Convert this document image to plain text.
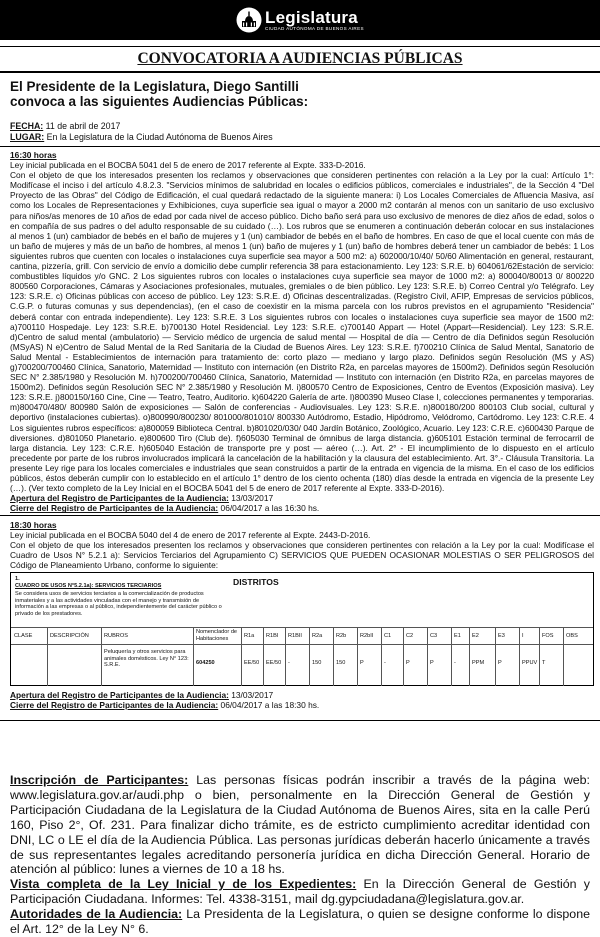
Legislatura
CIUDAD AUTÓNOMA DE BUENOS AIRES
CONVOCATORIA A AUDIENCIAS PÚBLICAS
El Presidente de la Legislatura, Diego Santilli
convoca a las siguientes Audiencias Públicas:
FECHA: 11 de abril de 2017
LUGAR: En la Legislatura de la Ciudad Autónoma de Buenos Aires

16:30 horas

Ley inicial publicada en el BOCBA 5041 del 5 de enero de 2017 referente al Expte. 333-D-2016.

Con el objeto de que los interesados presenten los reclamos y observaciones que consideren pertinentes con relación a la Ley por la cual: Artículo 1°: Modifícase el inciso i del artículo 4.8.2.3. "Servicios mínimos de salubridad en locales o edificios públicos, comerciales e industriales", de la Sección 4 "Del Proyecto de las Obras" del Código de Edificación, el cual quedará redactado de la siguiente manera: i) Los Locales Comerciales de Afluencia Masiva, así como los Locales de Representaciones y Exhibiciones, cuya superficie sea igual o mayor a 2000 m2 contarán al menos con un sanitario de uso exclusivo para niños/as menores de 10 años de edad por cada nivel de acceso público. Dicho baño será para uso exclusivo de menores de diez años de edad, solos o en compañía de sus padres o del adulto responsable de su cuidado (…). Los rubros que se enumeren a continuación deberán colocar en sus instalaciones al menos 1 (un) cambiador de bebés en el baño de mujeres y 1 (un) cambiador de bebés en el baño de hombres. En caso de que el local cuente con más de un baño de mujeres y más de un baño de hombres, al menos 1 (un) baño de mujeres y 1 (un) baño de hombres deberá tener un cambiador de bebés: 1 Los siguientes rubros que cuenten con locales o instalaciones cuya superficie sea mayor a 500 m2: a) 602000/10/40/ 50/60 Alimentación en general, restaurant, cantina, pizzería, grill. Con servicio de envío a domicilio debe cumplir referencia 38 para estacionamiento. Ley 123: S.R.E. b) 604061/62Estación de servicio: combustibles líquidos y/o GNC. 2 Los siguientes rubros con locales o instalaciones cuya superficie sea mayor de 1000 m2: a) 800040/80013 0/ 800220 800560 Corporaciones, Cámaras y Asociaciones profesionales, mutuales, gremiales o de bien público. Ley 123: S.R.E. b) Correo Central y/o Telégrafo. Ley 123: S.R.E. c) Oficinas públicas con acceso de público. Ley 123: S.R.E. d) Oficinas descentralizadas. (Registro Civil, AFIP, Empresas de servicios públicos, C.G.P. o futuras comunas y sus dependencias), (en el caso de coexistir en la misma parcela con los rubros previstos en el agrupamiento "Residencia" deberá contar con entrada independiente). Ley 123: S.R.E. 3 Los siguientes rubros con locales o instalaciones cuya superficie sea mayor de 1500 m2: a)700110 Hospedaje. Ley 123: S.R.E. b)700130 Hotel Residencial. Ley 123: S.R.E. c)700140 Appart — Hotel (Appart—Residencial). Ley 123: S.R.E. d)Centro de salud mental (ambulatorio) — Servicio médico de urgencia de salud mental — Hospital de día — Centro de día Definidos según Resolución (MSyAS) N e)Centro de Salud Mental de la Red Sanitaria de la Ciudad de Buenos Aires. Ley 123: S.R.E. f)700210 Clínica de Salud Mental, Sanatorio de Salud Mental - Establecimientos de internación para tratamiento de: corto plazo — mediano y largo plazo. Definidos según Resolución (MS y AS) g)700200/700460 Clínica, Sanatorio, Maternidad — Instituto con internación (en Distrito R2a, en parcelas mayores de 1500m2). Definidos según Resolución SEC N° 2.385/1980 y Resolución M. h)700200/700460 Clínica, Sanatorio, Maternidad — Instituto con internación (en Distrito R2a, en parcelas mayores de 1500m2). Definidos según Resolución SEC N° 2.385/1980 y Resolución M. i)800570 Centro de Exposiciones, Centro de Eventos (Exposición masiva). Ley 123: S.R.E. j)800150/160 Cine, Cine — Teatro, Teatro, Auditorio. k)604220 Galería de arte. l)800390 Museo Clase I, colecciones permanentes y temporarias. m)800470/480/ 800980 Salón de exposiciones — Salón de conferencias - Audiovisuales. Ley 123: S.R.E. n)800180/200 800103 Club social, cultural y deportivo (instalaciones cubiertas). o)800990/800230/ 801000/801010/ 800330 Autódromo, Estadio, Hipódromo, Velódromo, Cartódromo. Ley 123: C.R.E. 4 Los siguientes rubros específicos: a)800059 Biblioteca Central. b)801020/030/ 040 Jardín Botánico, Zoológico, Acuario. Ley 123: C.R.E. c)600430 Parque de diversiones. d)801050 Planetario. e)800600 Tiro (Club de). f)605030 Terminal de ómnibus de larga distancia. g)605101 Estación terminal de ferrocarril de larga distancia. Ley 123: C.R.E. h)605040 Estación de transporte pre y post — aéreo (…). Art. 2° - El incumplimiento de lo dispuesto en el artículo precedente por parte de los rubros involucrados implicará la cancelación de la habilitación y la clausura del establecimiento. Art. 3°.- Cláusula Transitoria. La presente Ley rige para los locales comerciales e industriales que sean construidos a partir de la entrada en vigencia de la misma. En el caso de los edificios públicos, éstos deberán cumplir con lo establecido en el artículo 1° dentro de los ciento ochenta (180) días desde la entrada en vigencia de la presente Ley (…). (Ver texto completo de la Ley Inicial en el BOCBA 5041 del 5 de enero de 2017 referente al Expte. 333-D-2016).

Apertura del Registro de Participantes de la Audiencia: 13/03/2017

Cierre del Registro de Participantes de la Audiencia: 06/04/2017 a las 16:30 hs.

18:30 horas

Ley inicial publicada en el BOCBA 5040 del 4 de enero de 2017 referente al Expte. 2443-D-2016.

Con el objeto de que los interesados presenten los reclamos y observaciones que consideren pertinentes con relación a la Ley por la cual: Modifícase el Cuadro de Usos N° 5.2.1 a): Servicios Terciarios del Agrupamiento C) SERVICIOS QUE PUEDEN OCASIONAR MOLESTIAS O SER PELIGROSOS del Código de Planeamiento Urbano, conforme lo siguiente:

1.
CUADRO DE USOS N°5.2.1a): SERVICIOS TERCIARIOS
Se considera usos de servicios terciarios a la comercialización de productos inmateriales y a las actividades vinculadas con el manejo y transmisión de información a las empresas o al público, independientemente del carácter público o privado de los prestadores.
DISTRITOS
CLASE	DESCRIPCIÓN	RUBROS
Peluquería y otros servicios para animales domésticos. Ley N° 123: S.R.E.
Nomenclador de Habitaciones
604250
R1a
EE/50
R1BI
EE/50
R1BII
-
R2a
150
R2b
150
R2bII
P
C1
-
C2
P
C3
P
E1
-
E2
PPM
E3
P
I
PPUV
FOS
T
OBS

Apertura del Registro de Participantes de la Audiencia: 13/03/2017

Cierre del Registro de Participantes de la Audiencia: 06/04/2017 a las 18:30 hs.

Inscripción de Participantes: Las personas físicas podrán inscribir a través de la página web: www.legislatura.gov.ar/audi.php o bien, personalmente en la Dirección General de Gestión y Participación Ciudadana de la Legislatura de la Ciudad Autónoma de Buenos Aires, sita en la calle Perú 160, Piso 2°, Of. 231. Para finalizar dicho trámite, es de estricto cumplimiento acreditar identidad con DNI, LC o LE el día de la Audiencia Pública. Las personas jurídicas deberán hacerlo únicamente a través de sus representantes legales acreditando personería jurídica en dicha Dirección General. Horario de atención al público: lunes a viernes de 10 a 18 hs.

Vista completa de la Ley Inicial y de los Expedientes: En la Dirección General de Gestión y Participación Ciudadana. Informes: Tel. 4338-3151, mail dg.gypciudadana@legislatura.gov.ar.

Autoridades de la Audiencia: La Presidenta de la Legislatura, o quien se designe conforme lo dispone el Art. 12° de la Ley N° 6.
